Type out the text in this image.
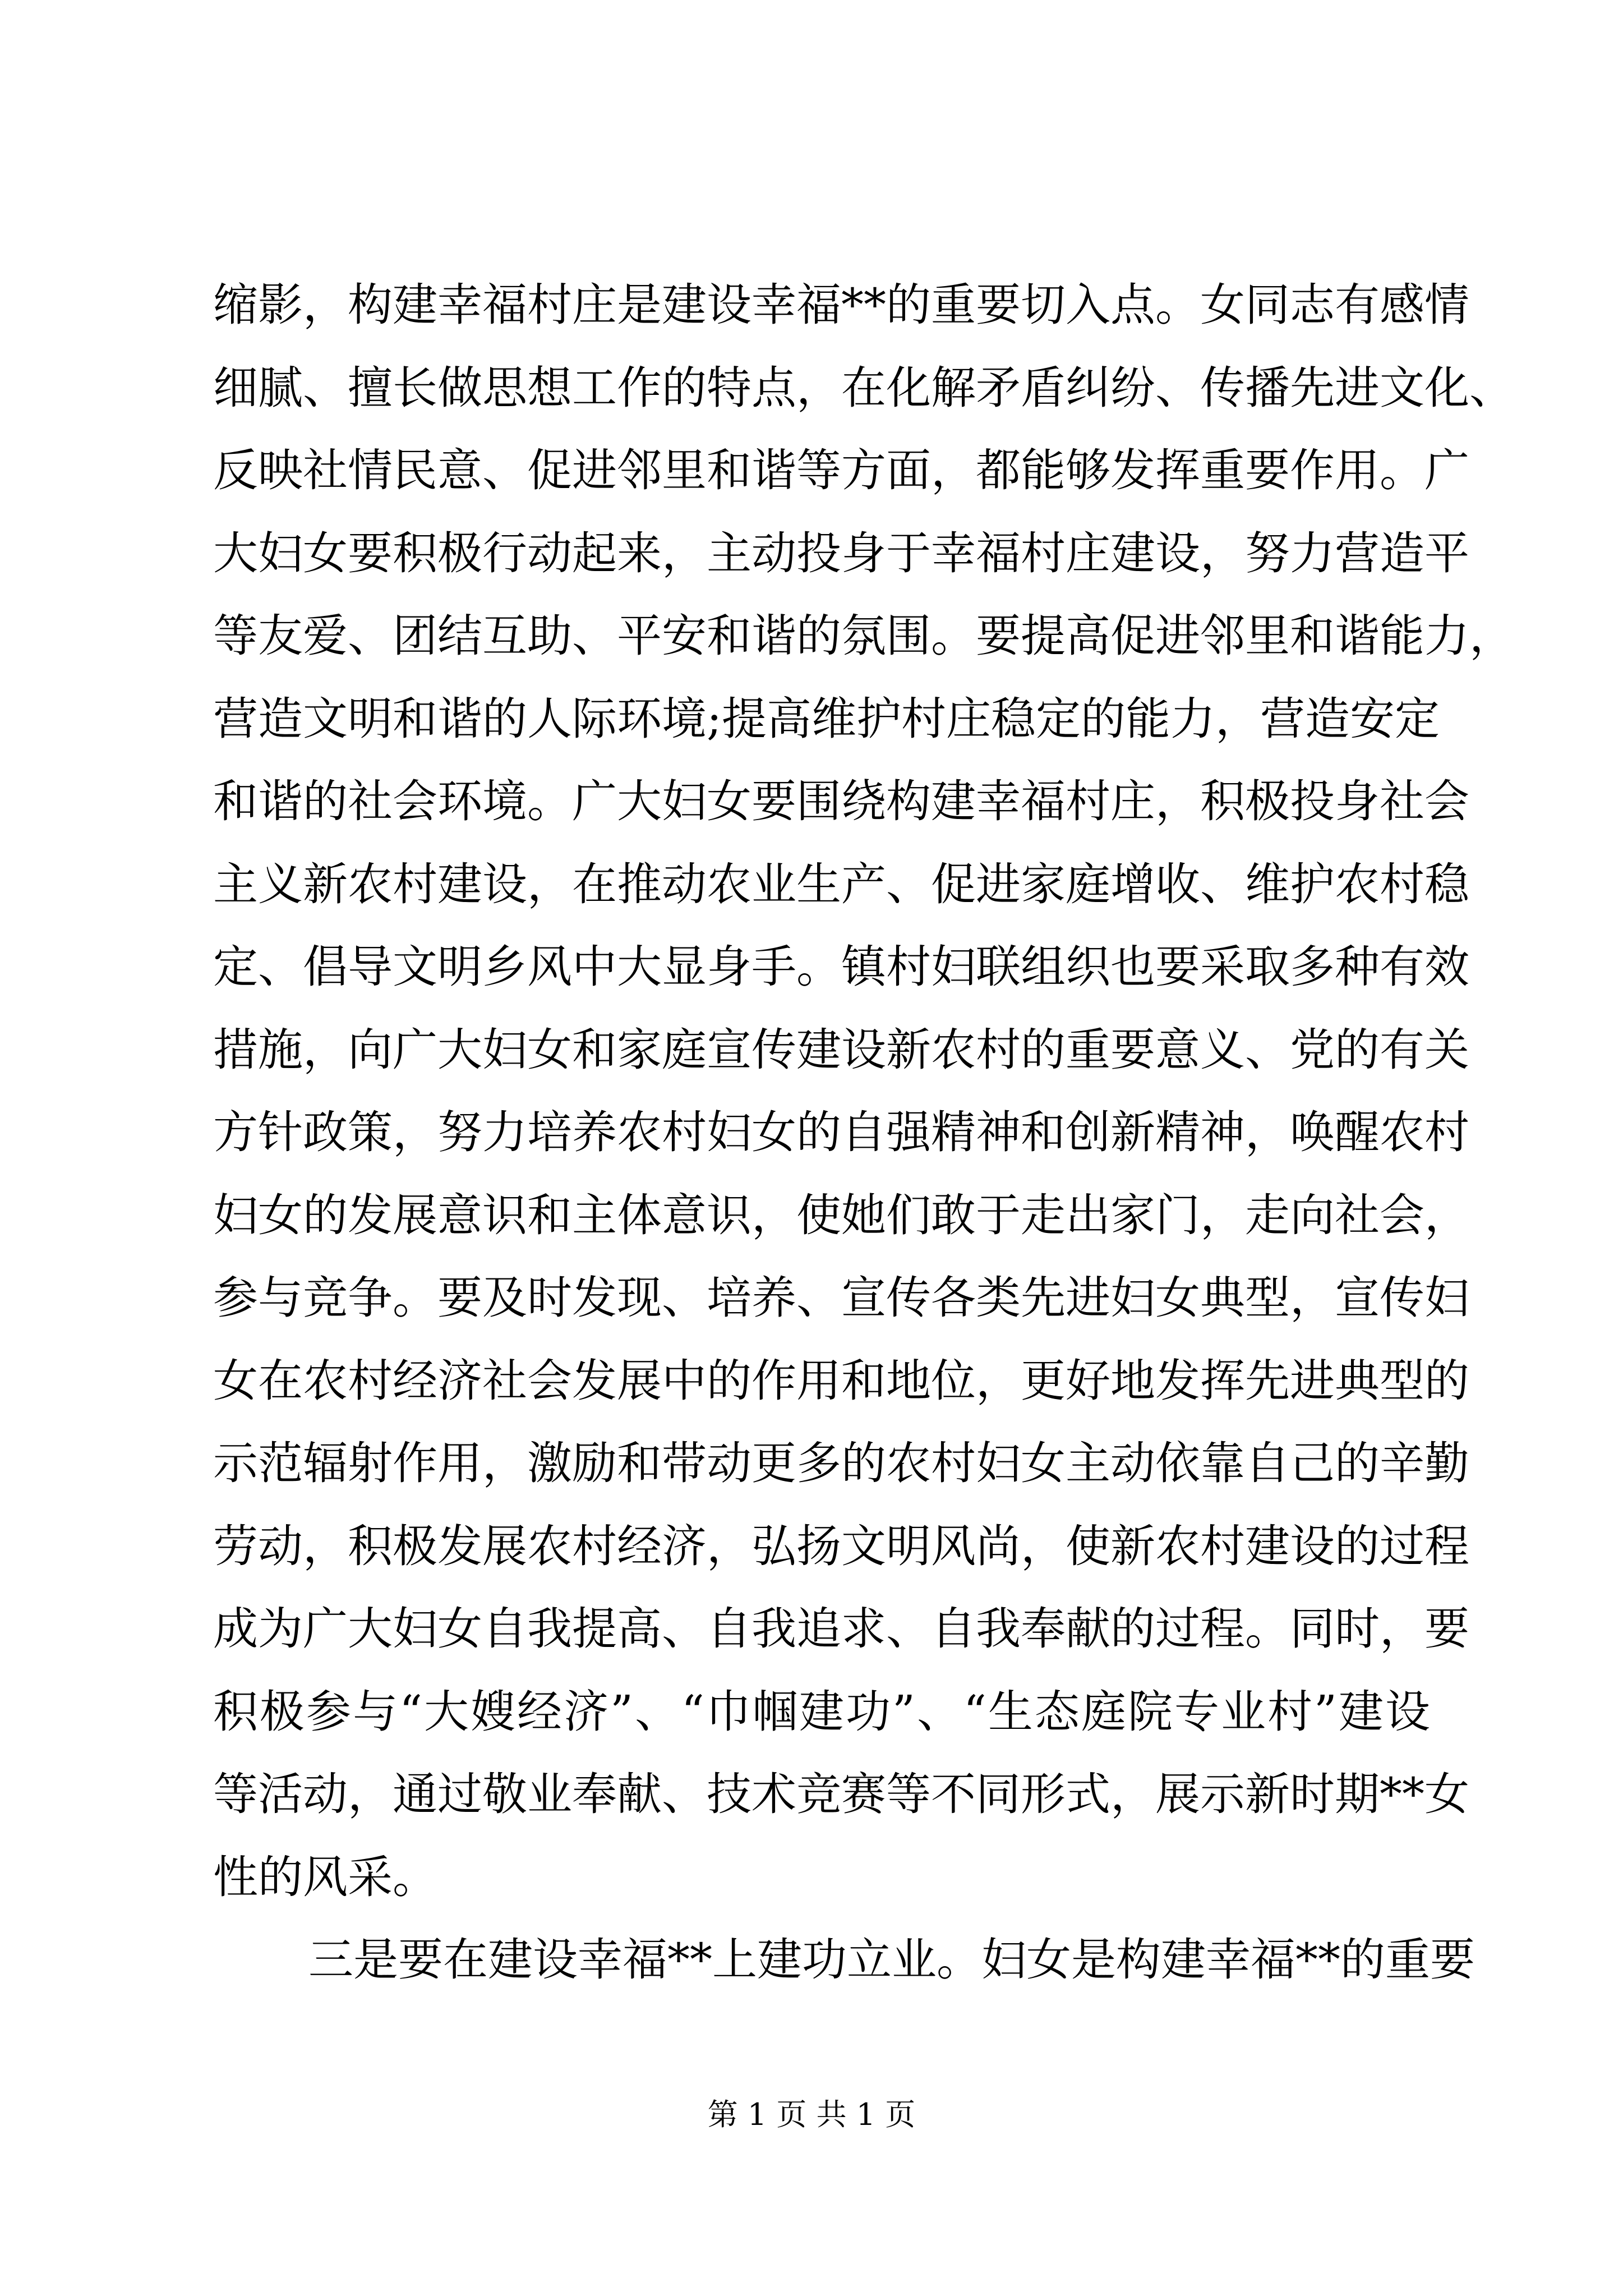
缩影，构建幸福村庄是建设幸福**的重要切入点。女同志有感情
细腻、擅长做思想工作的特点，在化解矛盾纠纷、传播先进文化、
反映社情民意、促进邻里和谐等方面，都能够发挥重要作用。广
大妇女要积极行动起来，主动投身于幸福村庄建设，努力营造平
等友爱、团结互助、平安和谐的氛围。要提高促进邻里和谐能力，
营造文明和谐的人际环境;提高维护村庄稳定的能力，营造安定
和谐的社会环境。广大妇女要围绕构建幸福村庄，积极投身社会
主义新农村建设，在推动农业生产、促进家庭增收、维护农村稳
定、倡导文明乡风中大显身手。镇村妇联组织也要采取多种有效
措施，向广大妇女和家庭宣传建设新农村的重要意义、党的有关
方针政策，努力培养农村妇女的自强精神和创新精神，唤醒农村
妇女的发展意识和主体意识，使她们敢于走出家门，走向社会，
参与竞争。要及时发现、培养、宣传各类先进妇女典型，宣传妇
女在农村经济社会发展中的作用和地位，更好地发挥先进典型的
示范辐射作用，激励和带动更多的农村妇女主动依靠自己的辛勤
劳动，积极发展农村经济，弘扬文明风尚，使新农村建设的过程
成为广大妇女自我提高、自我追求、自我奉献的过程。同时，要
积极参与“大嫂经济”、“巾帼建功”、“生态庭院专业村”建设
等活动，通过敬业奉献、技术竞赛等不同形式，展示新时期**女
性的风采。
三是要在建设幸福**上建功立业。妇女是构建幸福**的重要
第 1 页 共 1 页
